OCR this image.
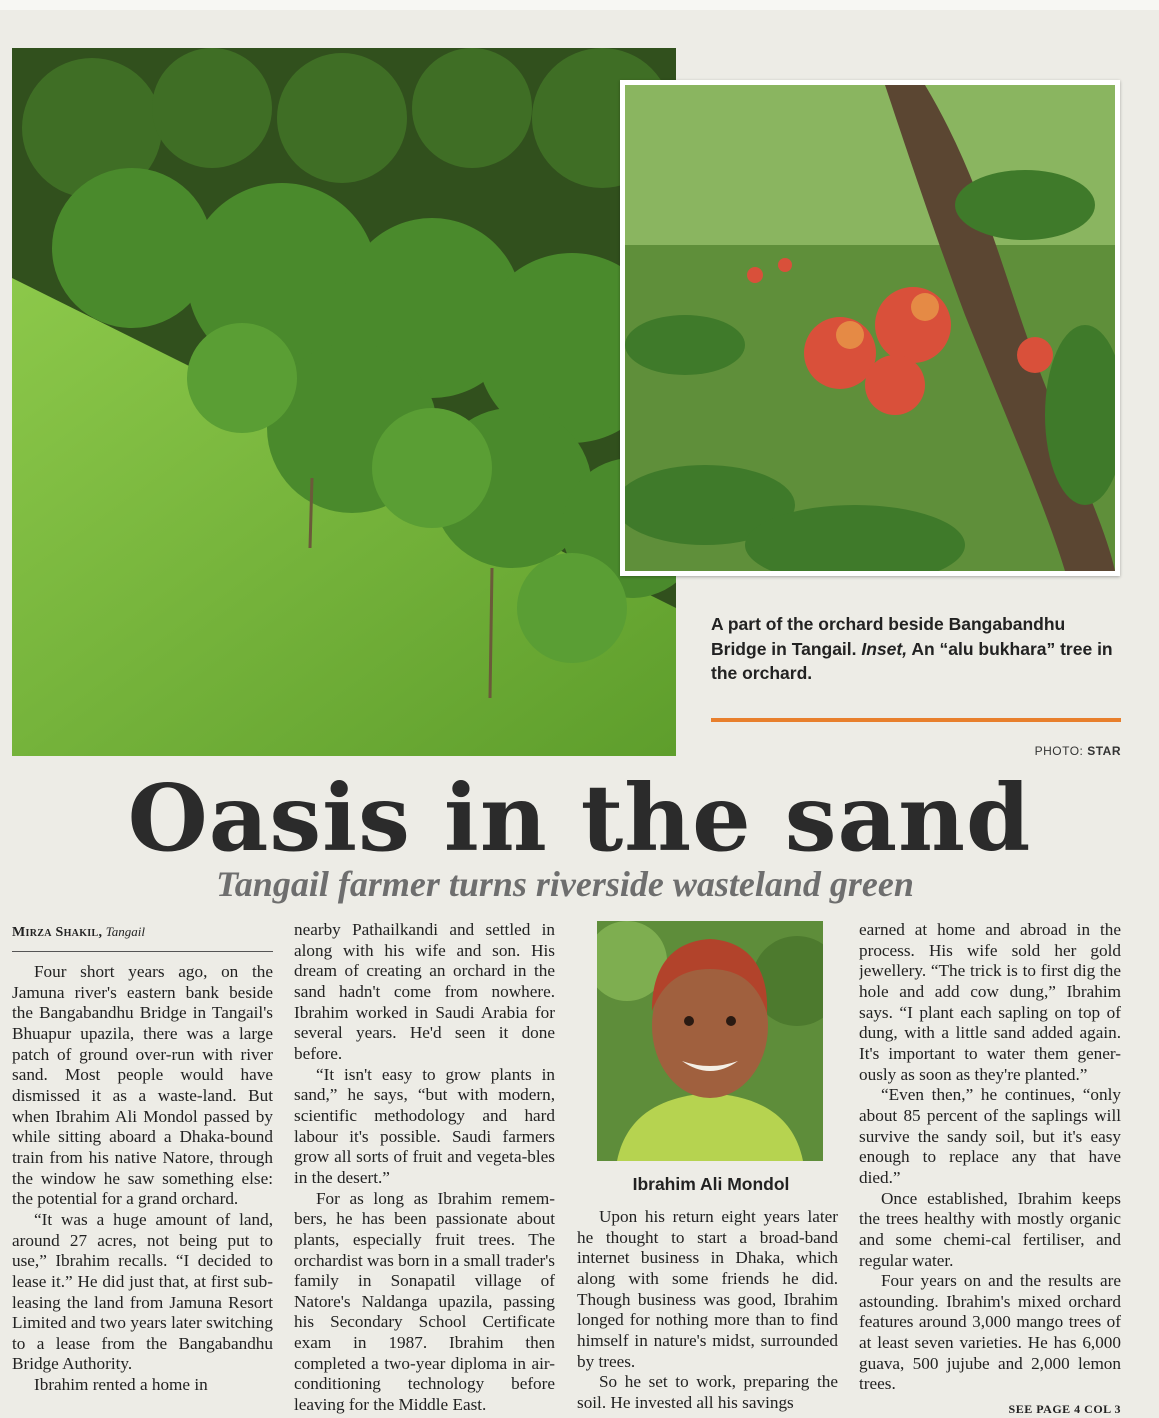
A part of the orchard beside Bangabandhu Bridge in Tangail. Inset, An “alu bukhara” tree in the orchard.
PHOTO: STAR
Oasis in the sand
Tangail farmer turns riverside wasteland green
Mirza Shakil, Tangail

Four short years ago, on the Jamuna river's eastern bank beside the Bangabandhu Bridge in Tangail's Bhuapur upazila, there was a large patch of ground over-run with river sand. Most people would have dismissed it as a waste-land. But when Ibrahim Ali Mondol passed by while sitting aboard a Dhaka-bound train from his native Natore, through the window he saw something else: the potential for a grand orchard.

“It was a huge amount of land, around 27 acres, not being put to use,” Ibrahim recalls. “I decided to lease it.” He did just that, at first sub-leasing the land from Jamuna Resort Limited and two years later switching to a lease from the Bangabandhu Bridge Authority.

Ibrahim rented a home in

nearby Pathailkandi and settled in along with his wife and son. His dream of creating an orchard in the sand hadn't come from nowhere. Ibrahim worked in Saudi Arabia for several years. He'd seen it done before.

“It isn't easy to grow plants in sand,” he says, “but with modern, scientific methodology and hard labour it's possible. Saudi farmers grow all sorts of fruit and vegeta-bles in the desert.”

For as long as Ibrahim remem-bers, he has been passionate about plants, especially fruit trees. The orchardist was born in a small trader's family in Sonapatil village of Natore's Naldanga upazila, passing his Secondary School Certificate exam in 1987. Ibrahim then completed a two-year diploma in air-conditioning technology before leaving for the Middle East.

Ibrahim Ali Mondol

Upon his return eight years later he thought to start a broad-band internet business in Dhaka, which along with some friends he did. Though business was good, Ibrahim longed for nothing more than to find himself in nature's midst, surrounded by trees.

So he set to work, preparing the soil. He invested all his savings

earned at home and abroad in the process. His wife sold her gold jewellery. “The trick is to first dig the hole and add cow dung,” Ibrahim says. “I plant each sapling on top of dung, with a little sand added again. It's important to water them gener-ously as soon as they're planted.”

“Even then,” he continues, “only about 85 percent of the saplings will survive the sandy soil, but it's easy enough to replace any that have died.”

Once established, Ibrahim keeps the trees healthy with mostly organic and some chemi-cal fertiliser, and regular water.

Four years on and the results are astounding. Ibrahim's mixed orchard features around 3,000 mango trees of at least seven varieties. He has 6,000 guava, 500 jujube and 2,000 lemon trees.

SEE PAGE 4 COL 3
